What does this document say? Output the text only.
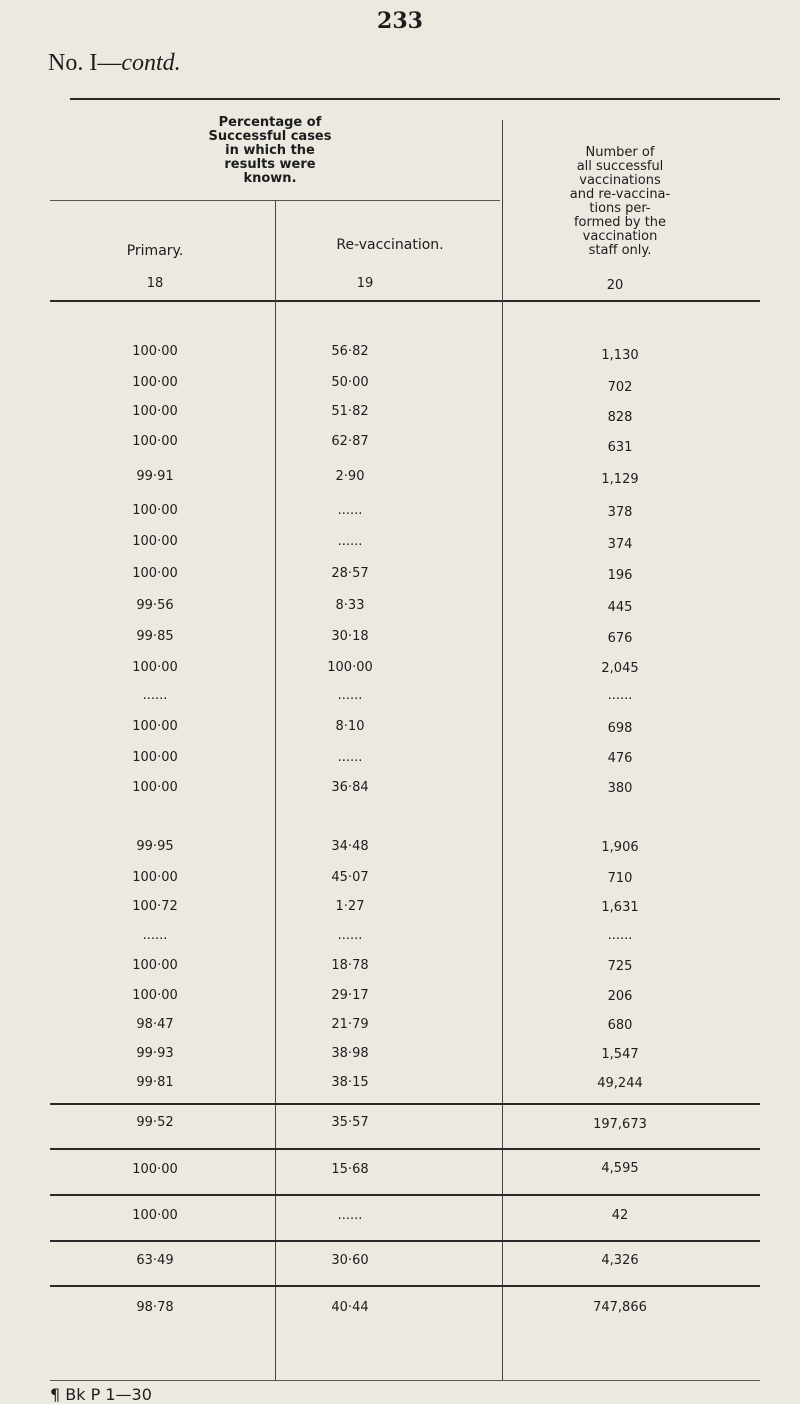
233
No. I—contd.
Percentage of
Successful cases
in which the
results were
known.
Primary.	Re-vaccination.
Number of
all successful
vaccinations
and re-vaccina-
tions per-
formed by the
vaccination
staff only.
18	19	20
100·00	56·82	1,130
100·00	50·00	702
100·00	51·82	828
100·00	62·87	631
99·91	2·90	1,129
100·00	......	378
100·00	......	374
100·00	28·57	196
99·56	8·33	445
99·85	30·18	676
100·00	100·00	2,045
......	......	......
100·00	8·10	698
100·00	......	476
100·00	36·84	380
99·95	34·48	1,906
100·00	45·07	710
100·72	1·27	1,631
......	......	......
100·00	18·78	725
100·00	29·17	206
98·47	21·79	680
99·93	38·98	1,547
99·81	38·15	49,244
99·52	35·57	197,673
100·00	15·68	4,595
100·00	......	42
63·49	30·60	4,326
98·78	40·44	747,866
¶ Bk P 1—30
